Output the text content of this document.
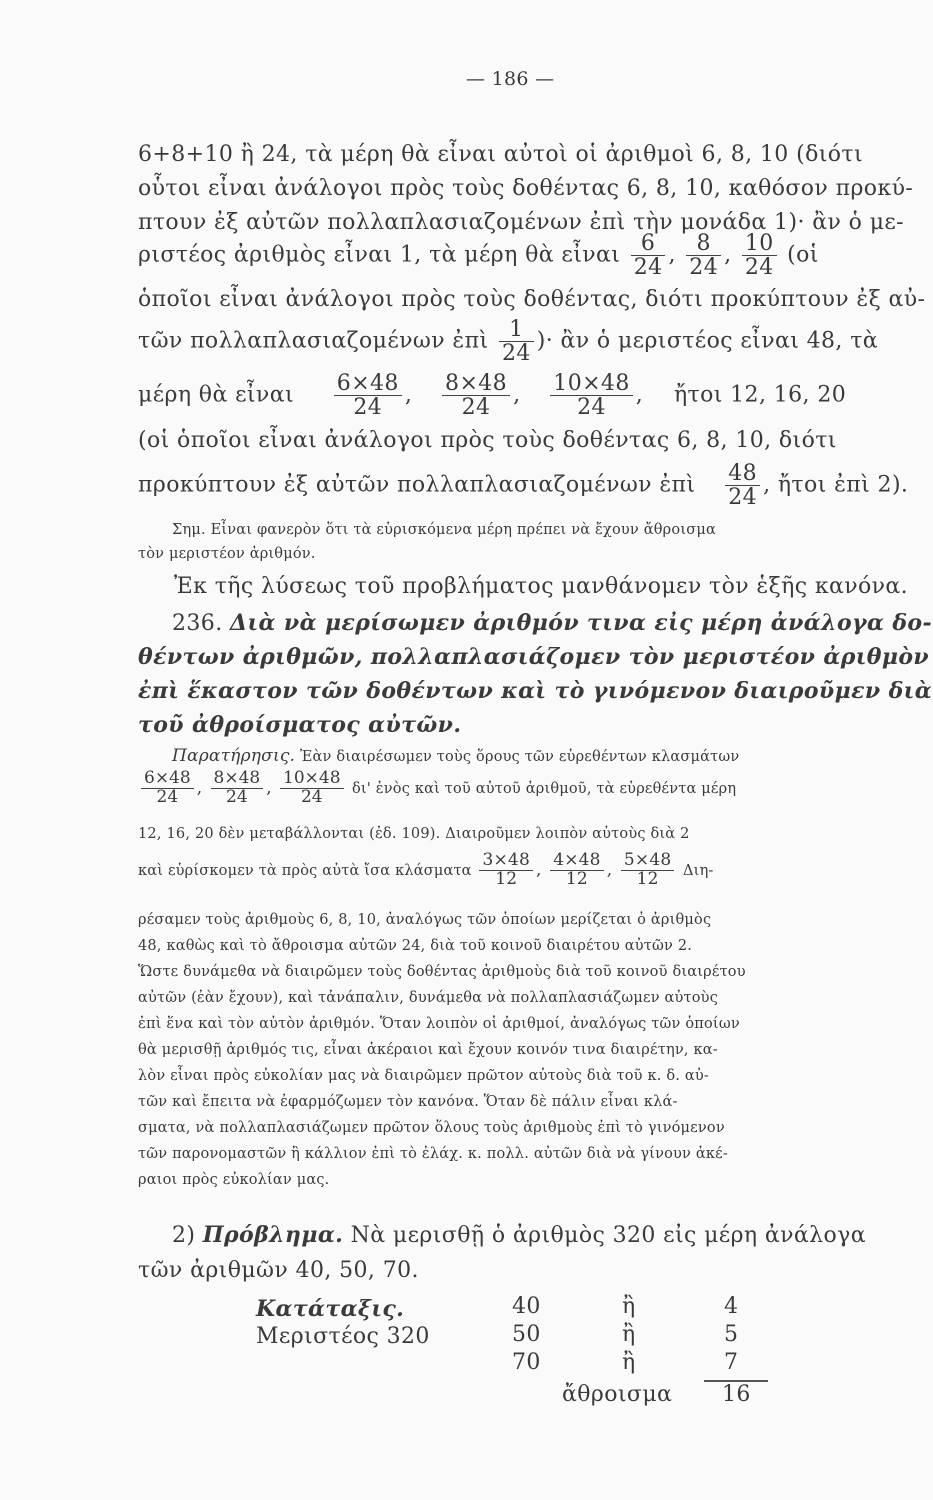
— 186 —
6+8+10 ἢ 24, τὰ μέρη θὰ εἶναι αὐτοὶ οἱ ἀριθμοὶ 6, 8, 10 (διότι
οὗτοι εἶναι ἀνάλογοι πρὸς τοὺς δοθέντας 6, 8, 10, καθόσον προκύ-
πτουν ἐξ αὐτῶν πολλαπλασιαζομένων ἐπὶ τὴν μονάδα 1)· ἂν ὁ με-
ριστέος ἀριθμὸς εἶναι 1, τὰ μέρη θὰ εἶναι $\frac{6}{24}$ , $\frac{8}{24}$ , $\frac{10}{24}$ (οἱ
ὁποῖοι εἶναι ἀνάλογοι πρὸς τοὺς δοθέντας, διότι προκύπτουν ἐξ αὐ-
τῶν πολλαπλασιαζομένων ἐπὶ $\frac{1}{24}$ )· ἂν ὁ μεριστέος εἶναι 48, τὰ
μέρη θὰ εἶναι $\frac{6\times 48}{24}$ , $\frac{8\times 48}{24}$ , $\frac{10\times 48}{24}$ , ἤτοι 12, 16, 20
(οἱ ὁποῖοι εἶναι ἀνάλογοι πρὸς τοὺς δοθέντας 6, 8, 10, διότι
προκύπτουν ἐξ αὐτῶν πολλαπλασιαζομένων ἐπὶ $\frac{48}{24}$ , ἤτοι ἐπὶ 2).
Σημ. Εἶναι φανερὸν ὅτι τὰ εὑρισκόμενα μέρη πρέπει νὰ ἔχουν ἄθροισμα
τὸν μεριστέον ἀριθμόν.
Ἐκ τῆς λύσεως τοῦ προβλήματος μανθάνομεν τὸν ἑξῆς κανόνα.
236. Διὰ νὰ μερίσωμεν ἀριθμόν τινα εἰς μέρη ἀνάλογα δο-
θέντων ἀριθμῶν, πολλαπλασιάζομεν τὸν μεριστέον ἀριθμὸν
ἐπὶ ἕκαστον τῶν δοθέντων καὶ τὸ γινόμενον διαιροῦμεν διὰ
τοῦ ἀθροίσματος αὐτῶν.
Παρατήρησις. Ἐὰν διαιρέσωμεν τοὺς ὅρους τῶν εὑρεθέντων κλασμάτων
$\frac{6\times 48}{24}$ , $\frac{8\times 48}{24}$ , $\frac{10\times 48}{24} \delta\iota'$ ἑνὸς καὶ τοῦ αὐτοῦ ἀριθμοῦ, τὰ εὑρεθέντα μέρη
12, 16, 20 δὲν μεταβάλλονται (ἐδ. 109). Διαιροῦμεν λοιπὸν αὐτοὺς διὰ 2
καὶ εὑρίσκομεν τὰ πρὸς αὐτὰ ἴσα κλάσματα $\frac{3\times 48}{12}$ , $\frac{4\times 48}{12}$ , $\frac{5\times 48}{12} \Delta\iota\eta-$
ρέσαμεν τοὺς ἀριθμοὺς 6, 8, 10, ἀναλόγως τῶν ὁποίων μερίζεται ὁ ἀριθμὸς
48, καθὼς καὶ τὸ ἄθροισμα αὐτῶν 24, διὰ τοῦ κοινοῦ διαιρέτου αὐτῶν 2.
Ὥστε δυνάμεθα νὰ διαιρῶμεν τοὺς δοθέντας ἀριθμοὺς διὰ τοῦ κοινοῦ διαιρέτου
αὐτῶν (ἐὰν ἔχουν), καὶ τἀνάπαλιν, δυνάμεθα νὰ πολλαπλασιάζωμεν αὐτοὺς
ἐπὶ ἕνα καὶ τὸν αὐτὸν ἀριθμόν. Ὅταν λοιπὸν οἱ ἀριθμοί, ἀναλόγως τῶν ὁποίων
θὰ μερισθῇ ἀριθμός τις, εἶναι ἀκέραιοι καὶ ἔχουν κοινόν τινα διαιρέτην, κα-
λὸν εἶναι πρὸς εὐκολίαν μας νὰ διαιρῶμεν πρῶτον αὐτοὺς διὰ τοῦ κ. δ. αὐ-
τῶν καὶ ἔπειτα νὰ ἐφαρμόζωμεν τὸν κανόνα. Ὅταν δὲ πάλιν εἶναι κλά-
σματα, νὰ πολλαπλασιάζωμεν πρῶτον ὅλους τοὺς ἀριθμοὺς ἐπὶ τὸ γινόμενον
τῶν παρονομαστῶν ἢ κάλλιον ἐπὶ τὸ ἐλάχ. κ. πολλ. αὐτῶν διὰ νὰ γίνουν ἀκέ-
ραιοι πρὸς εὐκολίαν μας.
2) Πρόβλημα. Νὰ μερισθῇ ὁ ἀριθμὸς 320 εἰς μέρη ἀνάλογα
τῶν ἀριθμῶν 40, 50, 70.
Κατάταξις.
Μεριστέος 320
40	ἢ	4
50	ἢ	5
70	ἢ	7
ἄθροισμα 16
